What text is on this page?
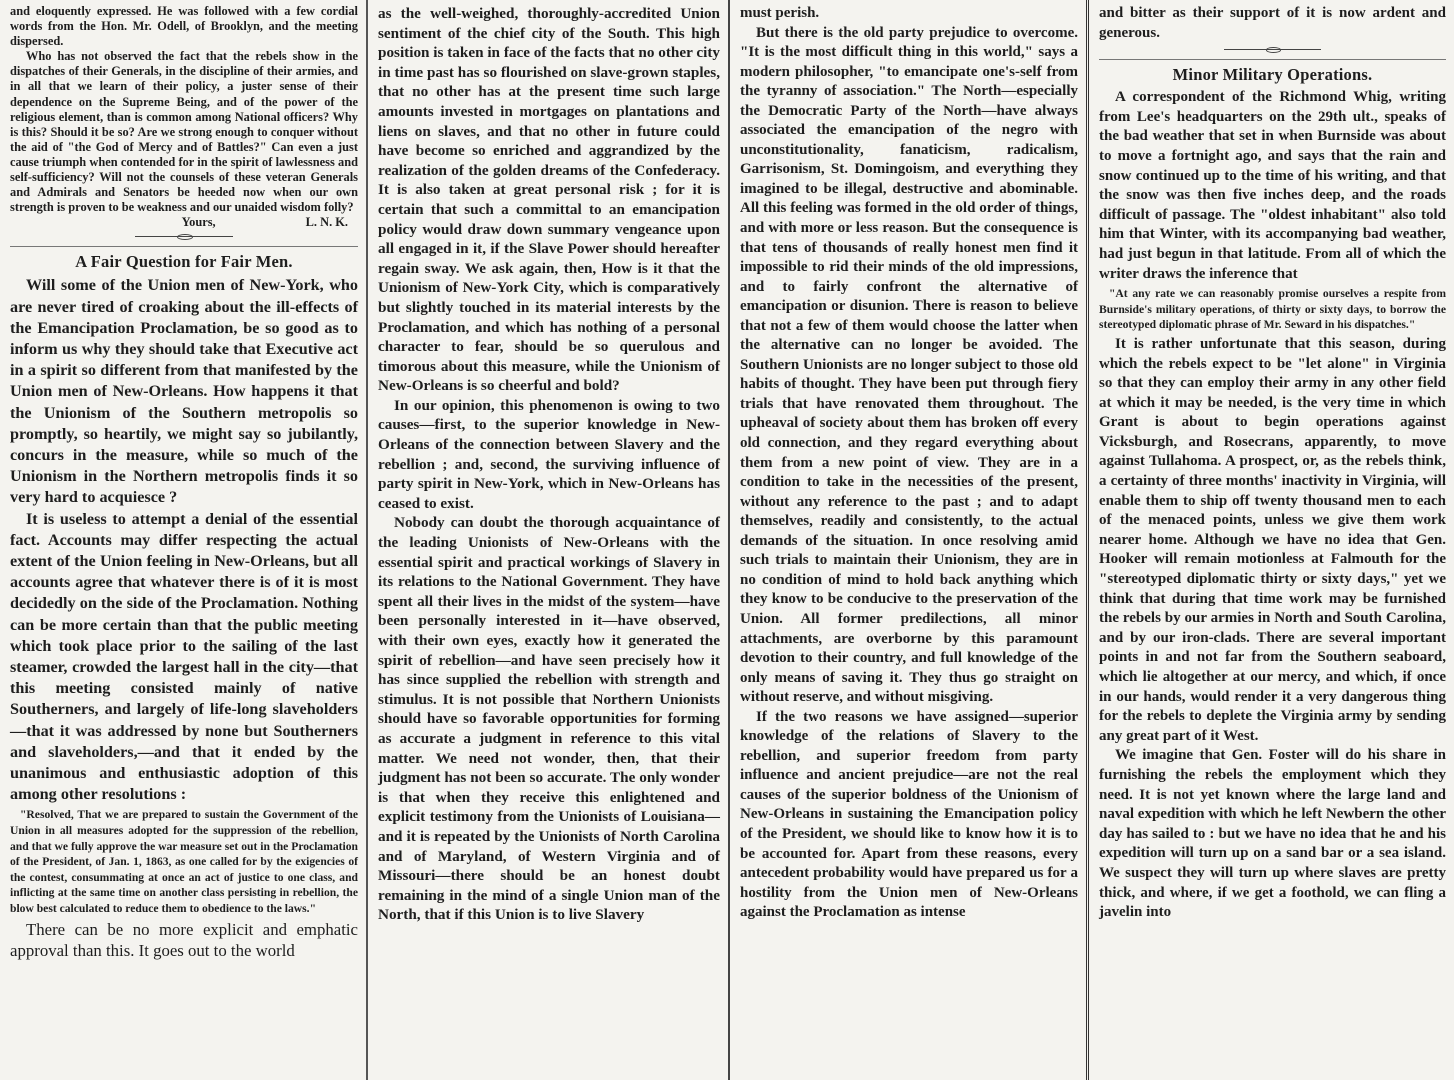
and eloquently expressed. He was followed with a few cordial words from the Hon. Mr. Odell, of Brooklyn, and the meeting dispersed.

Who has not observed the fact that the rebels show in the dispatches of their Generals, in the discipline of their armies, and in all that we learn of their policy, a juster sense of their dependence on the Supreme Being, and of the power of the religious element, than is common among National officers? Why is this? Should it be so? Are we strong enough to conquer without the aid of "the God of Mercy and of Battles?" Can even a just cause triumph when contended for in the spirit of lawlessness and self-sufficiency? Will not the counsels of these veteran Generals and Admirals and Senators be heeded now when our own strength is proven to be weakness and our unaided wisdom folly?

Yours,	L. N. K.
A Fair Question for Fair Men.

Will some of the Union men of New-York, who are never tired of croaking about the ill-effects of the Emancipation Proclamation, be so good as to inform us why they should take that Executive act in a spirit so different from that manifested by the Union men of New-Orleans. How happens it that the Unionism of the Southern metropolis so promptly, so heartily, we might say so jubilantly, concurs in the measure, while so much of the Unionism in the Northern metropolis finds it so very hard to acquiesce ?

It is useless to attempt a denial of the essential fact. Accounts may differ respecting the actual extent of the Union feeling in New-Orleans, but all accounts agree that whatever there is of it is most decidedly on the side of the Proclamation. Nothing can be more certain than that the public meeting which took place prior to the sailing of the last steamer, crowded the largest hall in the city—that this meeting consisted mainly of native Southerners, and largely of life-long slaveholders—that it was addressed by none but Southerners and slaveholders,—and that it ended by the unanimous and enthusiastic adoption of this among other resolutions :

"Resolved, That we are prepared to sustain the Government of the Union in all measures adopted for the suppression of the rebellion, and that we fully approve the war measure set out in the Proclamation of the President, of Jan. 1, 1863, as one called for by the exigencies of the contest, consummating at once an act of justice to one class, and inflicting at the same time on another class persisting in rebellion, the blow best calculated to reduce them to obedience to the laws."

There can be no more explicit and emphatic approval than this. It goes out to the world

as the well-weighed, thoroughly-accredited Union sentiment of the chief city of the South. This high position is taken in face of the facts that no other city in time past has so flourished on slave-grown staples, that no other has at the present time such large amounts invested in mortgages on plantations and liens on slaves, and that no other in future could have become so enriched and aggrandized by the realization of the golden dreams of the Confederacy. It is also taken at great personal risk ; for it is certain that such a committal to an emancipation policy would draw down summary vengeance upon all engaged in it, if the Slave Power should hereafter regain sway. We ask again, then, How is it that the Unionism of New-York City, which is comparatively but slightly touched in its material interests by the Proclamation, and which has nothing of a personal character to fear, should be so querulous and timorous about this measure, while the Unionism of New-Orleans is so cheerful and bold?

In our opinion, this phenomenon is owing to two causes—first, to the superior knowledge in New-Orleans of the connection between Slavery and the rebellion ; and, second, the surviving influence of party spirit in New-York, which in New-Orleans has ceased to exist.

Nobody can doubt the thorough acquaintance of the leading Unionists of New-Orleans with the essential spirit and practical workings of Slavery in its relations to the National Government. They have spent all their lives in the midst of the system—have been personally interested in it—have observed, with their own eyes, exactly how it generated the spirit of rebellion—and have seen precisely how it has since supplied the rebellion with strength and stimulus. It is not possible that Northern Unionists should have so favorable opportunities for forming as accurate a judgment in reference to this vital matter. We need not wonder, then, that their judgment has not been so accurate. The only wonder is that when they receive this enlightened and explicit testimony from the Unionists of Louisiana—and it is repeated by the Unionists of North Carolina and of Maryland, of Western Virginia and of Missouri—there should be an honest doubt remaining in the mind of a single Union man of the North, that if this Union is to live Slavery

must perish.

But there is the old party prejudice to overcome. "It is the most difficult thing in this world," says a modern philosopher, "to emancipate one's-self from the tyranny of association." The North—especially the Democratic Party of the North—have always associated the emancipation of the negro with unconstitutionality, fanaticism, radicalism, Garrisonism, St. Domingoism, and everything they imagined to be illegal, destructive and abominable. All this feeling was formed in the old order of things, and with more or less reason. But the consequence is that tens of thousands of really honest men find it impossible to rid their minds of the old impressions, and to fairly confront the alternative of emancipation or disunion. There is reason to believe that not a few of them would choose the latter when the alternative can no longer be avoided. The Southern Unionists are no longer subject to those old habits of thought. They have been put through fiery trials that have renovated them throughout. The upheaval of society about them has broken off every old connection, and they regard everything about them from a new point of view. They are in a condition to take in the necessities of the present, without any reference to the past ; and to adapt themselves, readily and consistently, to the actual demands of the situation. In once resolving amid such trials to maintain their Unionism, they are in no condition of mind to hold back anything which they know to be conducive to the preservation of the Union. All former predilections, all minor attachments, are overborne by this paramount devotion to their country, and full knowledge of the only means of saving it. They thus go straight on without reserve, and without misgiving.

If the two reasons we have assigned—superior knowledge of the relations of Slavery to the rebellion, and superior freedom from party influence and ancient prejudice—are not the real causes of the superior boldness of the Unionism of New-Orleans in sustaining the Emancipation policy of the President, we should like to know how it is to be accounted for. Apart from these reasons, every antecedent probability would have prepared us for a hostility from the Union men of New-Orleans against the Proclamation as intense

and bitter as their support of it is now ardent and generous.

Minor Military Operations.

A correspondent of the Richmond Whig, writing from Lee's headquarters on the 29th ult., speaks of the bad weather that set in when Burnside was about to move a fortnight ago, and says that the rain and snow continued up to the time of his writing, and that the snow was then five inches deep, and the roads difficult of passage. The "oldest inhabitant" also told him that Winter, with its accompanying bad weather, had just begun in that latitude. From all of which the writer draws the inference that

"At any rate we can reasonably promise ourselves a respite from Burnside's military operations, of thirty or sixty days, to borrow the stereotyped diplomatic phrase of Mr. Seward in his dispatches."

It is rather unfortunate that this season, during which the rebels expect to be "let alone" in Virginia so that they can employ their army in any other field at which it may be needed, is the very time in which Grant is about to begin operations against Vicksburgh, and Rosecrans, apparently, to move against Tullahoma. A prospect, or, as the rebels think, a certainty of three months' inactivity in Virginia, will enable them to ship off twenty thousand men to each of the menaced points, unless we give them work nearer home. Although we have no idea that Gen. Hooker will remain motionless at Falmouth for the "stereotyped diplomatic thirty or sixty days," yet we think that during that time work may be furnished the rebels by our armies in North and South Carolina, and by our iron-clads. There are several important points in and not far from the Southern seaboard, which lie altogether at our mercy, and which, if once in our hands, would render it a very dangerous thing for the rebels to deplete the Virginia army by sending any great part of it West.

We imagine that Gen. Foster will do his share in furnishing the rebels the employment which they need. It is not yet known where the large land and naval expedition with which he left Newbern the other day has sailed to : but we have no idea that he and his expedition will turn up on a sand bar or a sea island. We suspect they will turn up where slaves are pretty thick, and where, if we get a foothold, we can fling a javelin into
